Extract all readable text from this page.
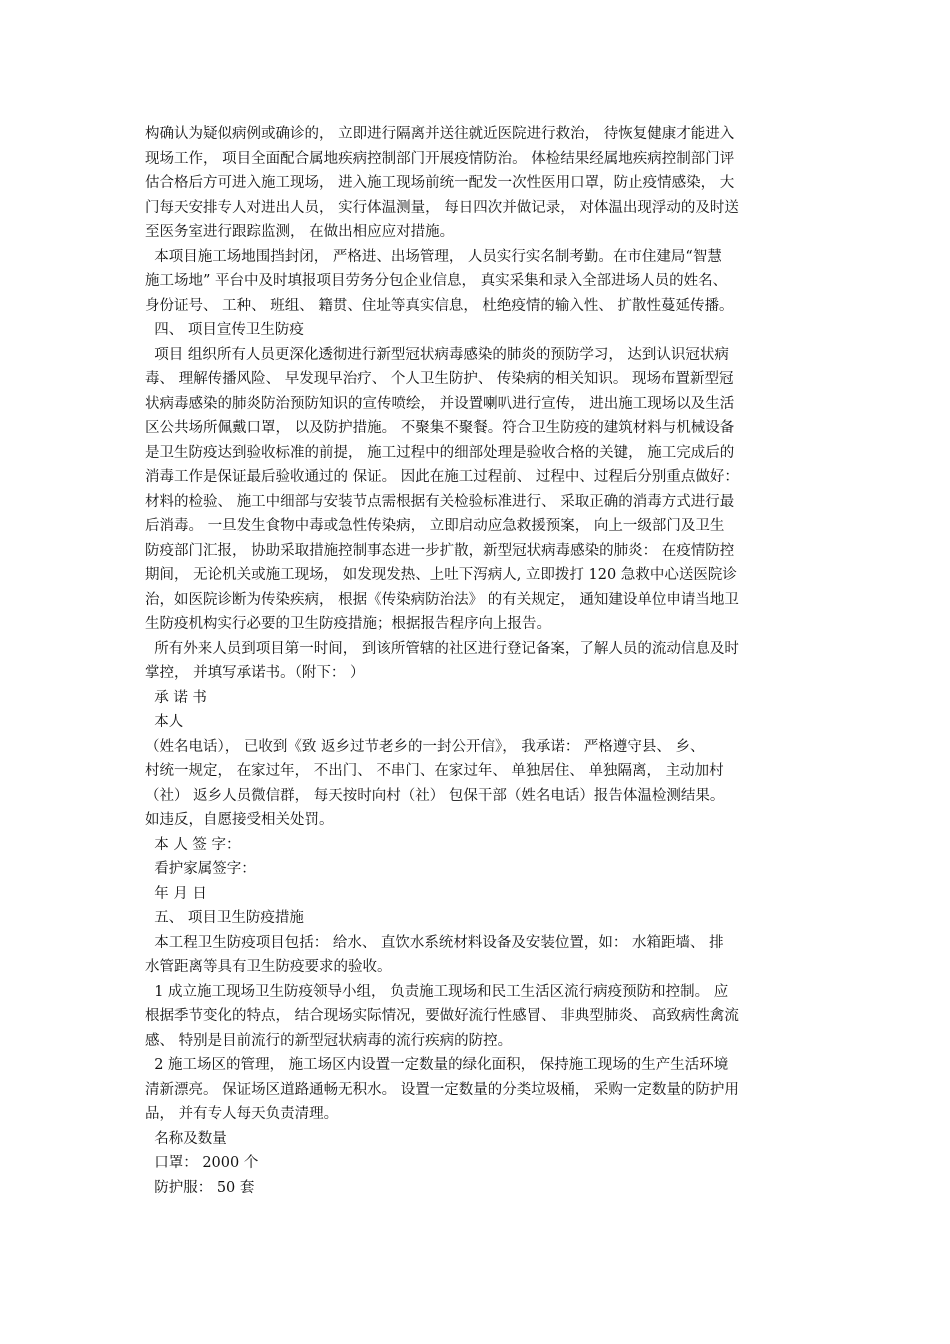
构确认为疑似病例或确诊的， 立即进行隔离并送往就近医院进行救治， 待恢复健康才能进入
现场工作， 项目全面配合属地疾病控制部门开展疫情防治。 体检结果经属地疾病控制部门评
估合格后方可进入施工现场， 进入施工现场前统一配发一次性医用口罩，防止疫情感染， 大
门每天安排专人对进出人员， 实行体温测量， 每日四次并做记录， 对体温出现浮动的及时送
至医务室进行跟踪监测， 在做出相应应对措施。
本项目施工场地围挡封闭， 严格进、出场管理， 人员实行实名制考勤。在市住建局“智慧
施工场地” 平台中及时填报项目劳务分包企业信息， 真实采集和录入全部进场人员的姓名、
身份证号、 工种、 班组、 籍贯、住址等真实信息， 杜绝疫情的输入性、 扩散性蔓延传播。
四、 项目宣传卫生防疫
项目 组织所有人员更深化透彻进行新型冠状病毒感染的肺炎的预防学习， 达到认识冠状病
毒、 理解传播风险、 早发现早治疗、 个人卫生防护、 传染病的相关知识。 现场布置新型冠
状病毒感染的肺炎防治预防知识的宣传喷绘， 并设置喇叭进行宣传， 进出施工现场以及生活
区公共场所佩戴口罩， 以及防护措施。 不聚集不聚餐。符合卫生防疫的建筑材料与机械设备
是卫生防疫达到验收标准的前提， 施工过程中的细部处理是验收合格的关键， 施工完成后的
消毒工作是保证最后验收通过的 保证。 因此在施工过程前、 过程中、过程后分别重点做好：
材料的检验、 施工中细部与安装节点需根据有关检验标准进行、 采取正确的消毒方式进行最
后消毒。 一旦发生食物中毒或急性传染病， 立即启动应急救援预案， 向上一级部门及卫生
防疫部门汇报， 协助采取措施控制事态进一步扩散，新型冠状病毒感染的肺炎： 在疫情防控
期间， 无论机关或施工现场， 如发现发热、上吐下泻病人, 立即拨打 120 急救中心送医院诊
治，如医院诊断为传染疾病， 根据《传染病防治法》 的有关规定， 通知建设单位申请当地卫
生防疫机构实行必要的卫生防疫措施；根据报告程序向上报告。
所有外来人员到项目第一时间， 到该所管辖的社区进行登记备案，了解人员的流动信息及时
掌控， 并填写承诺书。（附下： ）
承 诺 书
本人
（姓名电话）， 已收到《致 返乡过节老乡的一封公开信》， 我承诺： 严格遵守县、 乡、
村统一规定， 在家过年， 不出门、 不串门、在家过年、 单独居住、 单独隔离， 主动加村
（社） 返乡人员微信群， 每天按时向村（社） 包保干部（姓名电话）报告体温检测结果。
如违反，自愿接受相关处罚。
本 人 签 字：
看护家属签字：
年 月 日
五、 项目卫生防疫措施
本工程卫生防疫项目包括： 给水、 直饮水系统材料设备及安装位置，如： 水箱距墙、 排
水管距离等具有卫生防疫要求的验收。
1 成立施工现场卫生防疫领导小组， 负责施工现场和民工生活区流行病疫预防和控制。 应
根据季节变化的特点， 结合现场实际情况，要做好流行性感冒、 非典型肺炎、 高致病性禽流
感、 特别是目前流行的新型冠状病毒的流行疾病的防控。
2 施工场区的管理， 施工场区内设置一定数量的绿化面积， 保持施工现场的生产生活环境
清新漂亮。 保证场区道路通畅无积水。 设置一定数量的分类垃圾桶， 采购一定数量的防护用
品， 并有专人每天负责清理。
名称及数量
口罩： 2000 个
防护服： 50 套
